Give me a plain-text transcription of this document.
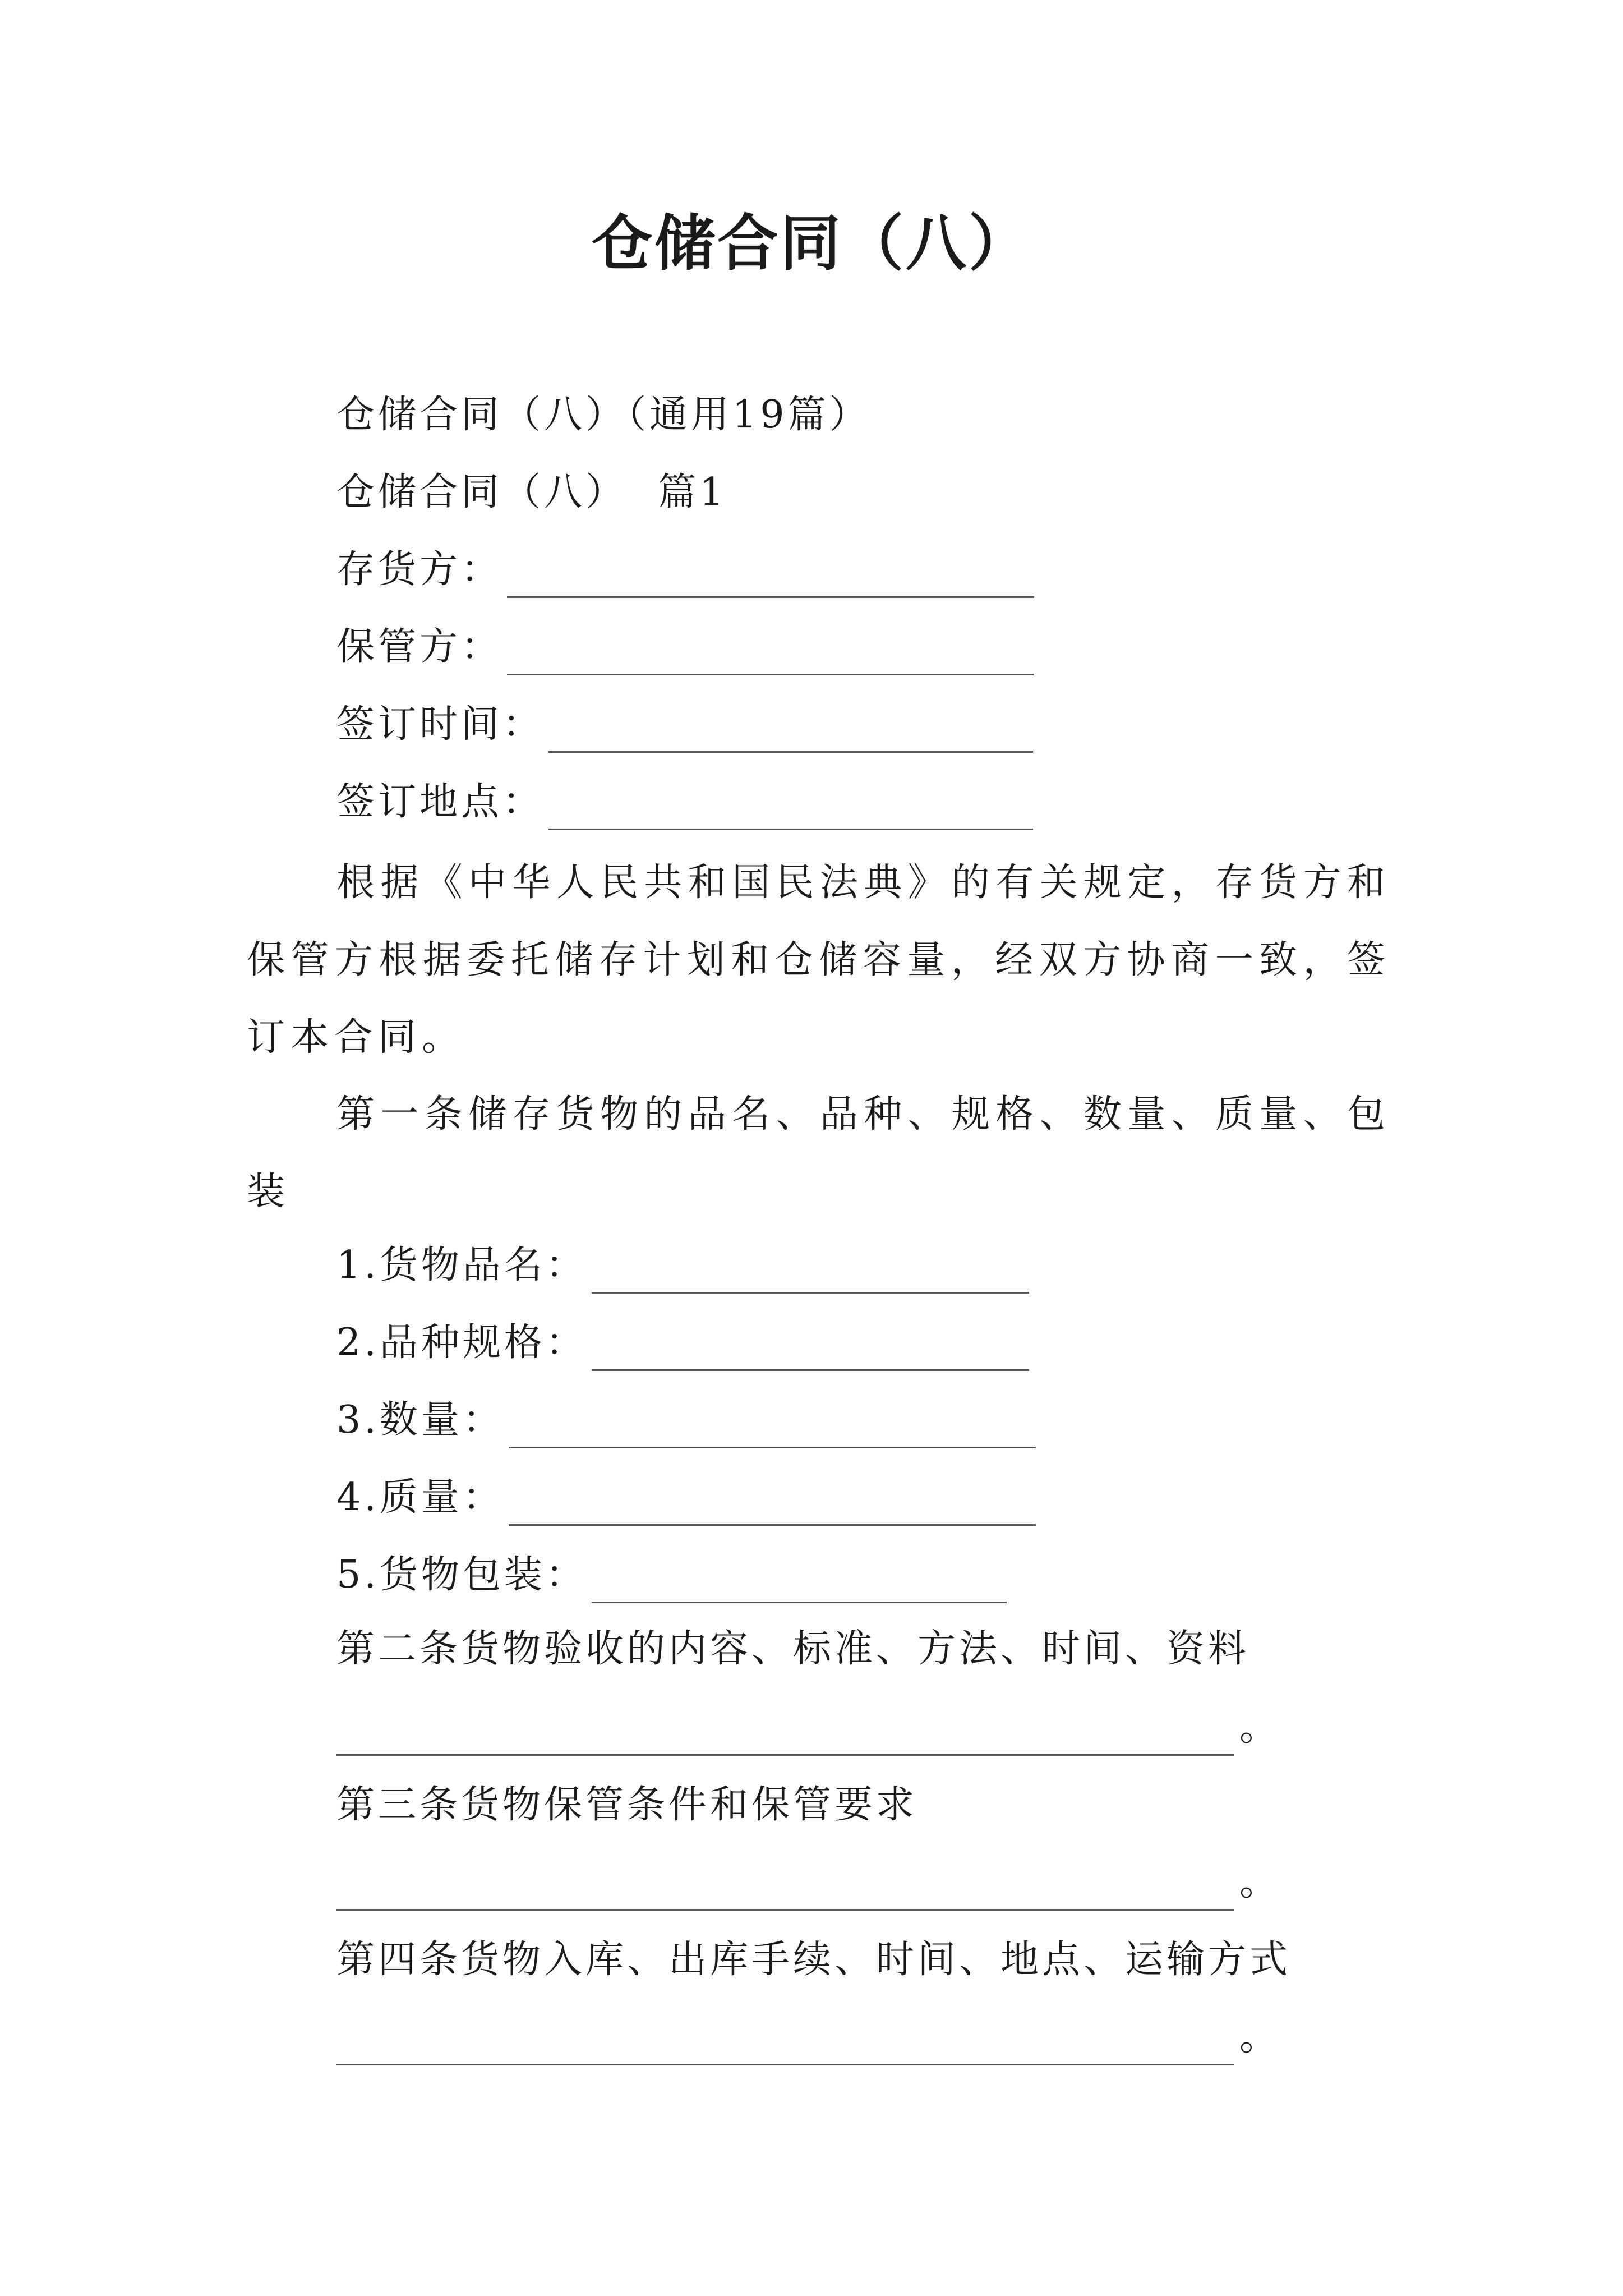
仓储合同（八）
仓储合同（八）（通用19篇）
仓储合同（八）  篇1
存货方：
保管方：
签订时间：
签订地点：
根据《中华人民共和国民法典》的有关规定，存货方和保管方根据委托储存计划和仓储容量，经双方协商一致，签订本合同。
第一条储存货物的品名、品种、规格、数量、质量、包装
1.货物品名：
2.品种规格：
3.数量：
4.质量：
5.货物包装：
第二条货物验收的内容、标准、方法、时间、资料
。
第三条货物保管条件和保管要求
。
第四条货物入库、出库手续、时间、地点、运输方式
。
